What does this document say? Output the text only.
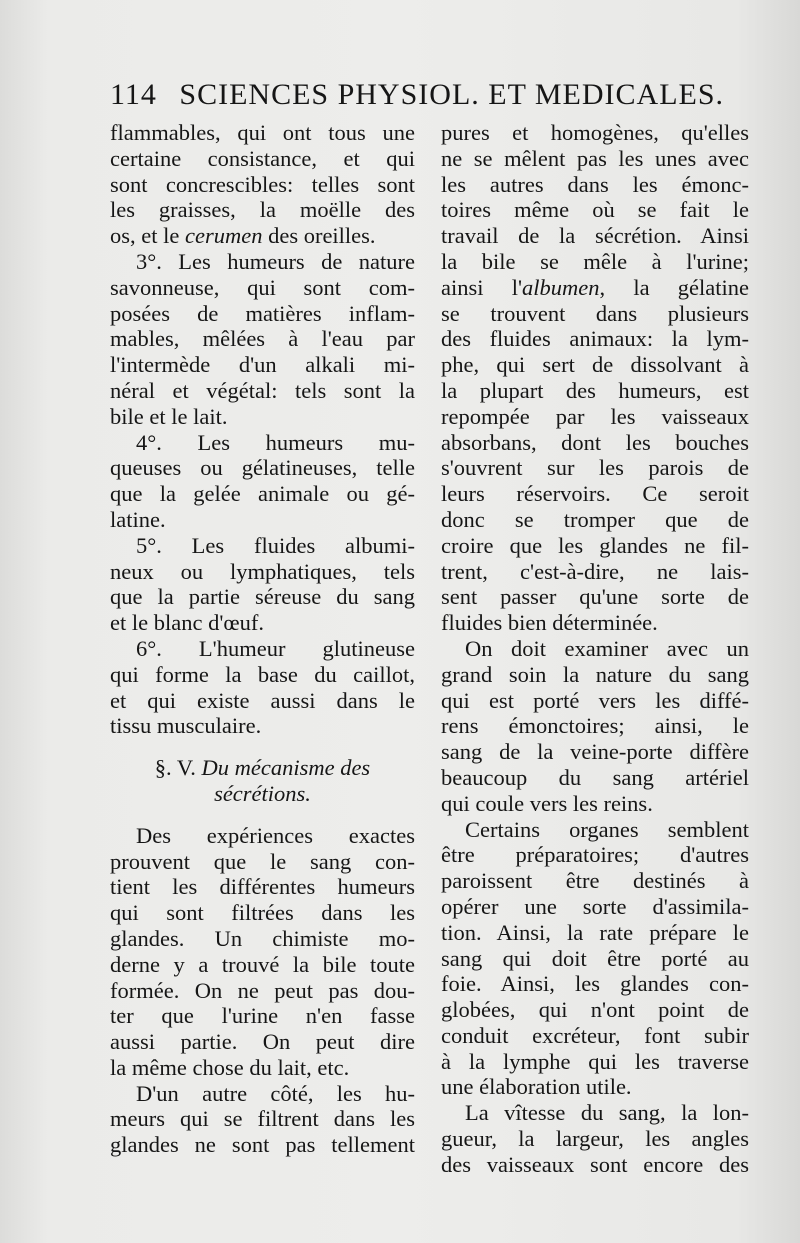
114 SCIENCES PHYSIOL. ET MEDICALES.
flammables, qui ont tous une
certaine consistance, et qui
sont concrescibles: telles sont
les graisses, la moëlle des
os, et le cerumen des oreilles.
3°. Les humeurs de nature
savonneuse, qui sont com-
posées de matières inflam-
mables, mêlées à l'eau par
l'intermède d'un alkali mi-
néral et végétal: tels sont la
bile et le lait.
4°. Les humeurs mu-
queuses ou gélatineuses, telle
que la gelée animale ou gé-
latine.
5°. Les fluides albumi-
neux ou lymphatiques, tels
que la partie séreuse du sang
et le blanc d'œuf.
6°. L'humeur glutineuse
qui forme la base du caillot,
et qui existe aussi dans le
tissu musculaire.
§. V. Du mécanisme des
sécrétions.
Des expériences exactes
prouvent que le sang con-
tient les différentes humeurs
qui sont filtrées dans les
glandes. Un chimiste mo-
derne y a trouvé la bile toute
formée. On ne peut pas dou-
ter que l'urine n'en fasse
aussi partie. On peut dire
la même chose du lait, etc.
D'un autre côté, les hu-
meurs qui se filtrent dans les
glandes ne sont pas tellement
pures et homogènes, qu'elles
ne se mêlent pas les unes avec
les autres dans les émonc-
toires même où se fait le
travail de la sécrétion. Ainsi
la bile se mêle à l'urine;
ainsi l'albumen, la gélatine
se trouvent dans plusieurs
des fluides animaux: la lym-
phe, qui sert de dissolvant à
la plupart des humeurs, est
repompée par les vaisseaux
absorbans, dont les bouches
s'ouvrent sur les parois de
leurs réservoirs. Ce seroit
donc se tromper que de
croire que les glandes ne fil-
trent, c'est-à-dire, ne lais-
sent passer qu'une sorte de
fluides bien déterminée.
On doit examiner avec un
grand soin la nature du sang
qui est porté vers les diffé-
rens émonctoires; ainsi, le
sang de la veine-porte diffère
beaucoup du sang artériel
qui coule vers les reins.
Certains organes semblent
être préparatoires; d'autres
paroissent être destinés à
opérer une sorte d'assimila-
tion. Ainsi, la rate prépare le
sang qui doit être porté au
foie. Ainsi, les glandes con-
globées, qui n'ont point de
conduit excréteur, font subir
à la lymphe qui les traverse
une élaboration utile.
La vîtesse du sang, la lon-
gueur, la largeur, les angles
des vaisseaux sont encore des
